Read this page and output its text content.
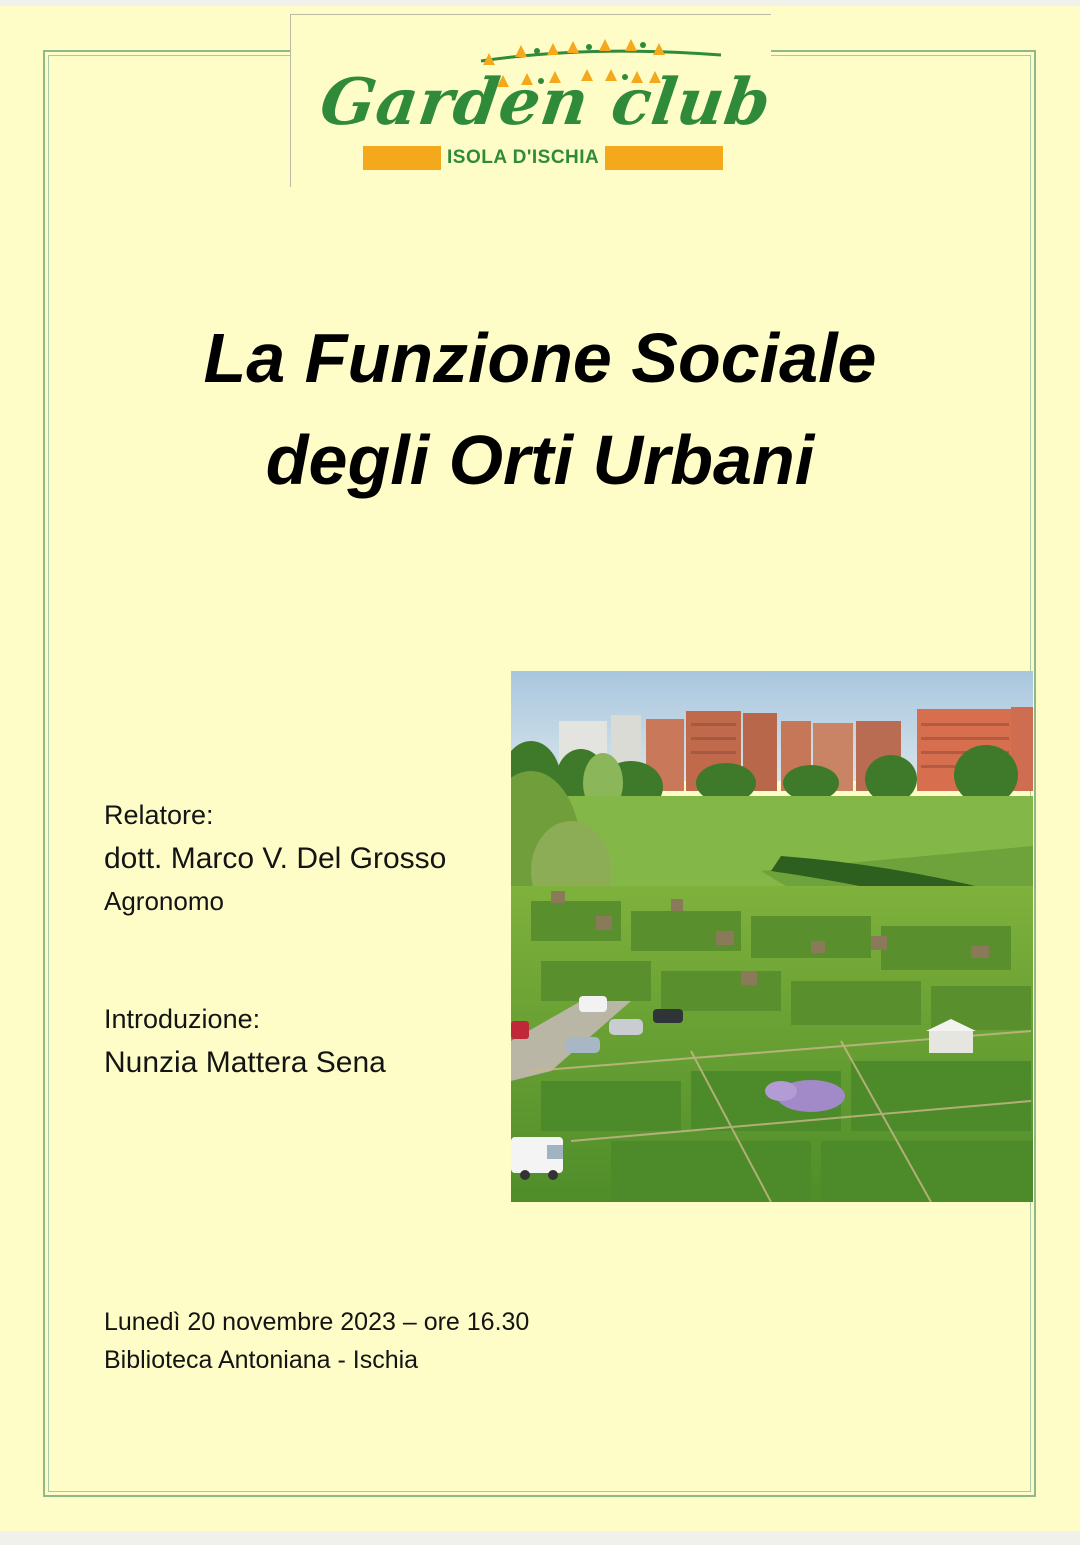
Garden club
ISOLA D'ISCHIA
La Funzione Sociale
degli Orti Urbani
Relatore:
dott. Marco V. Del Grosso
Agronomo
Introduzione:
Nunzia Mattera Sena
Lunedì 20 novembre 2023 – ore 16.30
Biblioteca Antoniana - Ischia
